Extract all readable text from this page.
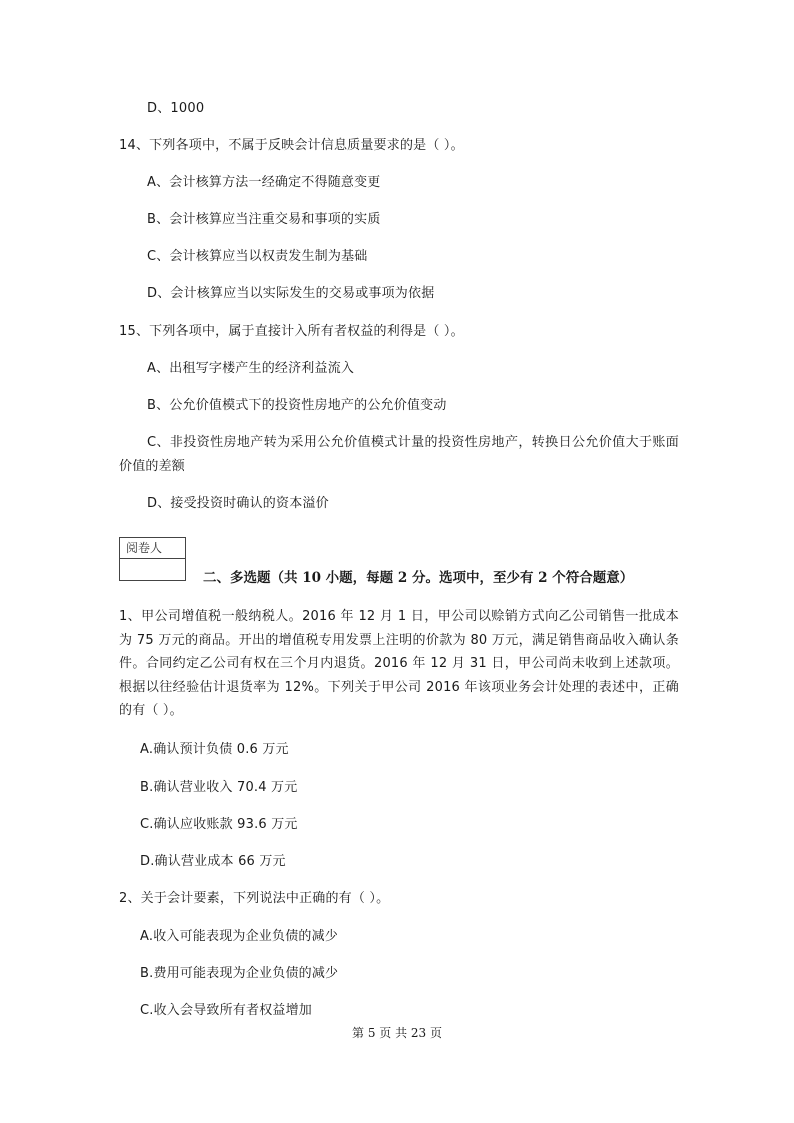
D、1000
14、下列各项中，不属于反映会计信息质量要求的是（ ）。
A、会计核算方法一经确定不得随意变更
B、会计核算应当注重交易和事项的实质
C、会计核算应当以权责发生制为基础
D、会计核算应当以实际发生的交易或事项为依据
15、下列各项中，属于直接计入所有者权益的利得是（ ）。
A、出租写字楼产生的经济利益流入
B、公允价值模式下的投资性房地产的公允价值变动
C、非投资性房地产转为采用公允价值模式计量的投资性房地产，转换日公允价值大于账面价值的差额
D、接受投资时确认的资本溢价
阅卷人
二、多选题（共 10 小题，每题 2 分。选项中，至少有 2 个符合题意）
1、甲公司增值税一般纳税人。2016 年 12 月 1 日，甲公司以赊销方式向乙公司销售一批成本为 75 万元的商品。开出的增值税专用发票上注明的价款为 80 万元，满足销售商品收入确认条件。合同约定乙公司有权在三个月内退货。2016 年 12 月 31 日，甲公司尚未收到上述款项。根据以往经验估计退货率为 12%。下列关于甲公司 2016 年该项业务会计处理的表述中，正确的有（ ）。
A.确认预计负债 0.6 万元
B.确认营业收入 70.4 万元
C.确认应收账款 93.6 万元
D.确认营业成本 66 万元
2、关于会计要素，下列说法中正确的有（ ）。
A.收入可能表现为企业负债的减少
B.费用可能表现为企业负债的减少
C.收入会导致所有者权益增加
第 5 页 共 23 页
